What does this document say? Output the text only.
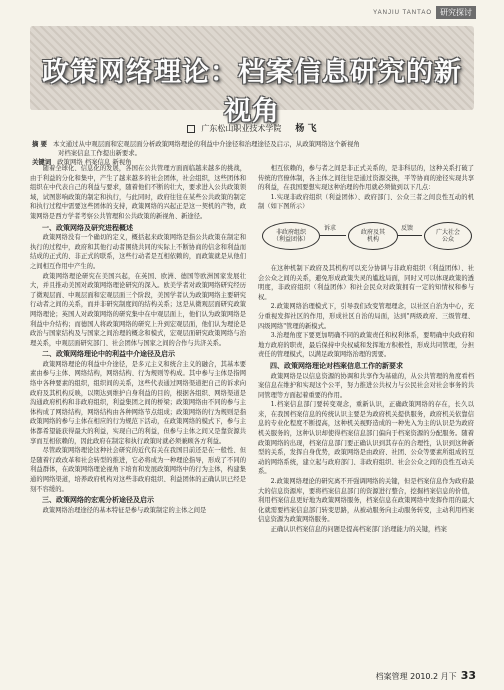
YANJIU TANTAO	研究探讨
政策网络理论：档案信息研究的新视角
广东松山职业技术学院 杨 飞
摘 要 本文通过从中观层面和宏观层面分析政策网络理论的利益中介途径和治理途径及启示，从政策网络这个新视角
对档案信息工作提出新要求。
关键词 政策网络 档案信息 新视角

随着全球化、信息化的发展，各国在公共管理方面面临越来越多的挑战，由于利益的分化和集中，产生了越来越多的社会团体，社会组织，这些团体和组织在中代表自己的利益与要求，随着他们不断的壮大，要求进入公共政策领域，试图影响政策的制定和执行，与此同时，政府往往在某些公共政策的制定和执行过程中需要这些团体的支持，政策网络的兴起正是这一契机的产物，政策网络是西方学者考察公共管理和公共政策的新视角、新途径。

一、政策网络及研究进程概述

政策网络没有一个确切的定义，概括起来政策网络是指公共政策在制定和执行的过程中，政府和其他行动者围绕共同的实际上不断协商的信念和利益而结成的正式的、非正式的联系，这些行动者是互相依赖的，而政策就是从他们之间相互作用中产生的。

政策网络理论研究在美国兴起，在英国、欧洲、德国等欧洲国家发展壮大，并且推动美国对政策网络理论研究的深入。欧美学者对政策网络研究经历了微观层面、中观层面和宏观层面三个阶段，美国学者认为政策网络主要研究行动者之间的关系，而并非研究制度间的结构关系；这是从微观层面研究政策网络理论；英国人对政策网络的研究集中在中观层面上，他们认为政策网络是利益中介结构；而德国人将政策网络的研究上升到宏观层面，他们认为理论是政治与国家结构及与国家之间治理的概念和模式，宏观层面研究政策网络与治理关系，中观层面研究部门、社会团体与国家之间的合作与共济关系。

二、政策网络理论中的利益中介途径及启示

政策网络理论的利益中介途径，是多元主义和统合主义的融合，其基本要素由参与主体、网络结构，网络结构、行为规则等构成。其中参与主体是指网络中各种要素的组织，组织间的关系，这些代表通过网络渠道把自己的诉求向政府及其机构反映，以期达到维护自身利益的目的，根据各组织、网络渠道是沟通政府机构和非政府组织，利益集团之间的桥梁；政策网络由不同的参与主体构成了网络结构，网络结构由各种网络节点组成；政策网络的行为规则是指政策网络的参与主体在相应的行为规范下活动，在政策网络的模式下，参与主体都希望能获得最大的利益，实现自己的利益，但参与主体之间又是靠资源共享而互相依赖的，因此政府在制定和执行政策时就必须兼顾各方利益。

尽管政策网络理论这种社会研究的近代有关在我国目前还是在一般性、但是随着行政改革和社会转型的推进，它必将成为一种理论指导，形成了不同的利益群体，在政策网络理论视角下培育和发展政策网络中的行为主体，构建集通的网络渠道，培养政府机构对这些非政府组织、利益团体的正确认识已经是刻不容缓的。

三、政策网络的宏观分析途径及启示

政策网络治理途径的基本特征是参与政策制定的主体之间是

相互依赖的，参与者之间是非正式关系的，是非科层的，这种关系打破了传统的官僚体制，各主体之间往往是通过资源交换，平等协商的途径实现共享的利益，在我国要想实现这种治理的作用就必须做到以下几点：

1.实现非政府组织（利益团体）、政府部门、公众三者之间良性互动的机制（如下图所示）

非政府组织
（利益团体）
诉求
政府及其
机构
反馈
广大社会
公众

在这种机制下政府及其机构可以充分协调与非政府组织（利益团体）、社会公众之间的关系，避免形成政策失灵的尴尬局面，同时又可以体现政策的透明度，非政府组织（利益团体）和社会民众对政策拥有一定的知情权和参与权。

2.政策网络治理模式下，引导我们改变管理理念，以社区自治为中心，充分重视发挥社区的作用，形成社区自治的局面，达到"两级政府、三级管理、四级网络"管理的新模式。

3.治理角度下要更加明确不同的政策责任和权利体系，要明确中央政府和地方政府的职责，最后保持中央权威和发挥地方积极性，形成共同管理，分担责任的管理模式，以满足政策网络治理的需要。

四、政策网络理论对档案信息工作的新要求

政策网络是以信息资源的协调和共享作为基础的，从公共管理的角度看档案信息在维护和实现这个公平，努力推进公共权力与公民社会对社会事务的共同管理等方面起着重要的作用。

1.档案信息部门要转变观念，重新认识，正确政策网络的存在，长久以来，在我国档案信息的传统认识主要是为政府机关提供服务，政府机关依靠信息的专业化程度不断提高，这种机关视野造成的一种先入为主的认识是为政府机关服务的，这种认识却使得档案信息部门偏向于档案资源的分配服务。随着政策网络的出现，档案信息部门要正确认识到其存在的合理性，认识到这种新型的关系，发挥自身优势，政策网络是由政府、社团、公众等要素所组成的互动的网络系统，建立起与政府部门、非政府组织、社会公众之间的良性互动关系。

2.政策网络理论的研究离不开强调网络的关键，但是档案信息作为政府最大的信息资源库，要将档案信息部门的资源进行整合，挖掘档案信息的价值，利用档案信息更好地为政策网络服务，档案信息在政策网络中发挥作用的最大化就需要档案信息部门转变思路，从被动服务向主动服务转变，主动利用档案信息资源为政策网络服务。

正确认识档案信息的问题是提高档案部门治理能力的关键，档案

档案管理 2010.2 月下 33
